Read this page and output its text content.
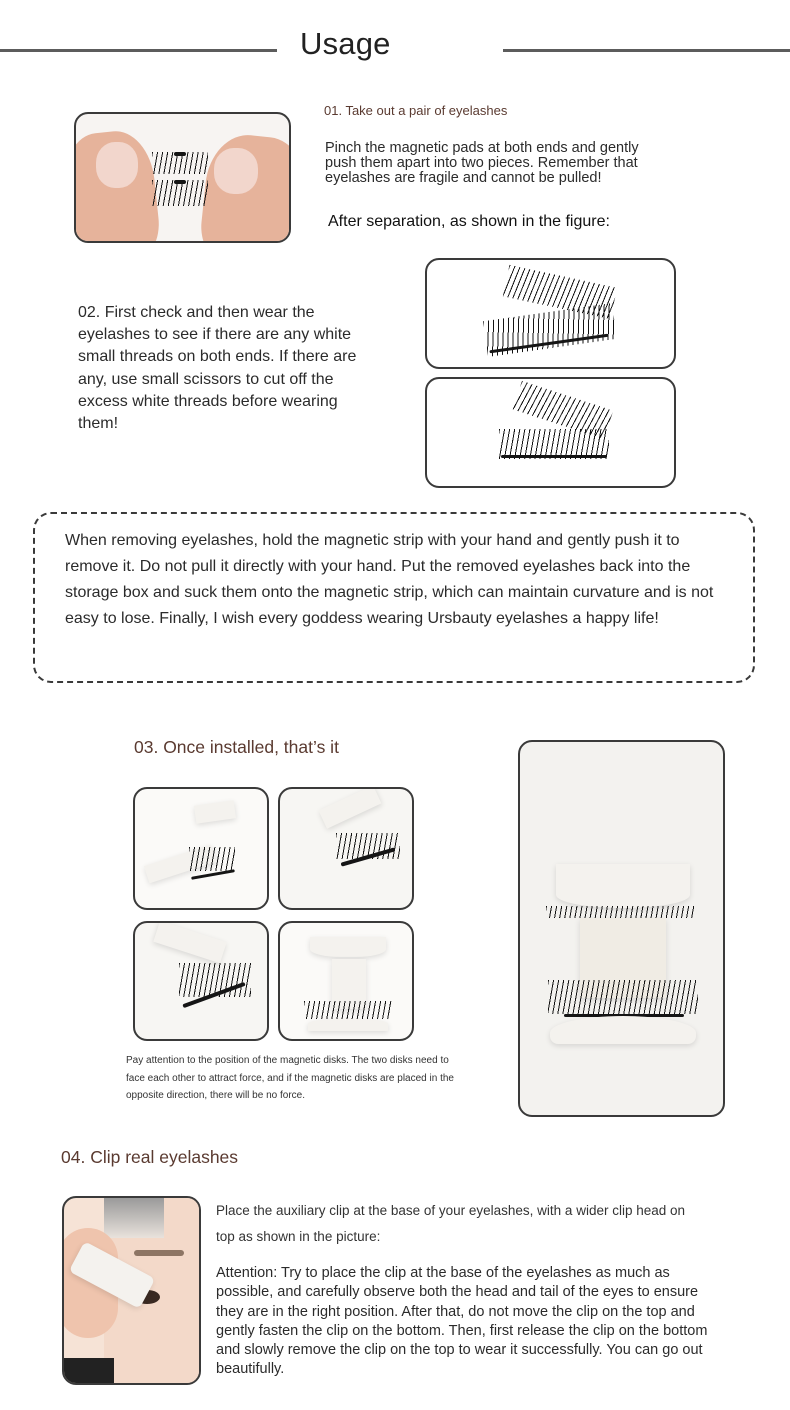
Usage
01. Take out a pair of eyelashes
Pinch the magnetic pads at both ends and gently push them apart into two pieces. Remember that eyelashes are fragile and cannot be pulled!
After separation, as shown in the figure:
02. First check and then wear the eyelashes to see if there are any white small threads on both ends. If there are any, use small scissors to cut off the excess white threads before wearing them!
When removing eyelashes, hold the magnetic strip with your hand and gently push it to remove it. Do not pull it directly with your hand. Put the removed eyelashes back into the storage box and suck them onto the magnetic strip, which can maintain curvature and is not easy to lose. Finally, I wish every goddess wearing Ursbauty eyelashes a happy life!
03. Once installed, that’s it
Pay attention to the position of the magnetic disks. The two disks need to face each other to attract force, and if the magnetic disks are placed in the opposite direction, there will be no force.
04. Clip real eyelashes
Place the auxiliary clip at the base of your eyelashes, with a wider clip head on top as shown in the picture:
Attention: Try to place the clip at the base of the eyelashes as much as possible, and carefully observe both the head and tail of the eyes to ensure they are in the right position. After that, do not move the clip on the top and gently fasten the clip on the bottom. Then, first release the clip on the bottom and slowly remove the clip on the top to wear it successfully. You can go out beautifully.
